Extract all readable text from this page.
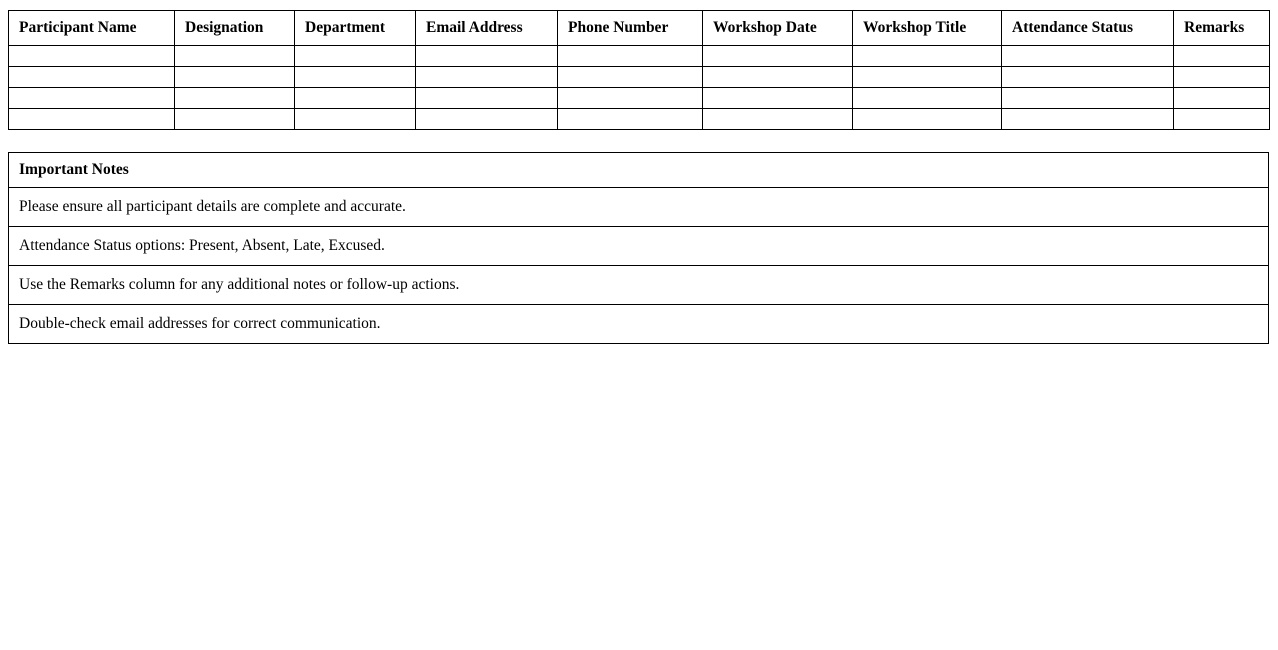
Participant Name	Designation	Department	Email Address	Phone Number	Workshop Date	Workshop Title	Attendance Status	Remarks

Important Notes
Please ensure all participant details are complete and accurate.
Attendance Status options: Present, Absent, Late, Excused.
Use the Remarks column for any additional notes or follow-up actions.
Double-check email addresses for correct communication.
